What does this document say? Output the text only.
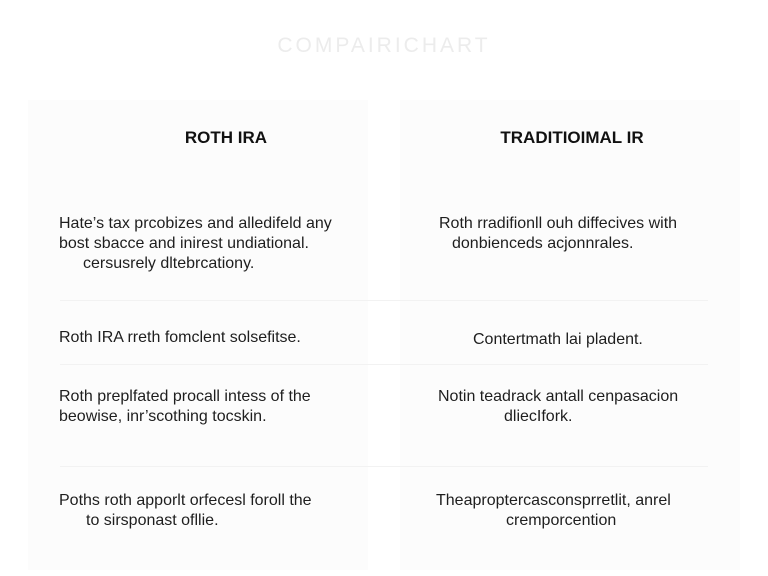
COMPAIRICHART
ROTH IRA	TRADITIOIMAL IR

Hate’s tax prcobizes and alledifeld any
bost sbacce and inirest undiational.
cersusrely dltebrcationy.

Roth IRA rreth fomclent solsefitse.

Roth preplfated procall intess of the
beowise, inr’scothing tocskin.

Poths roth apporlt orfecesl foroll the
to sirsponast ofllie.

Roth rradifionll ouh diffecives with
donbienceds acjonnrales.

Contertmath lai pladent.

Notin teadrack antall cenpasacion
dliecIfork.

Theaproptercasconsprretlit, anrel
cremporcention
